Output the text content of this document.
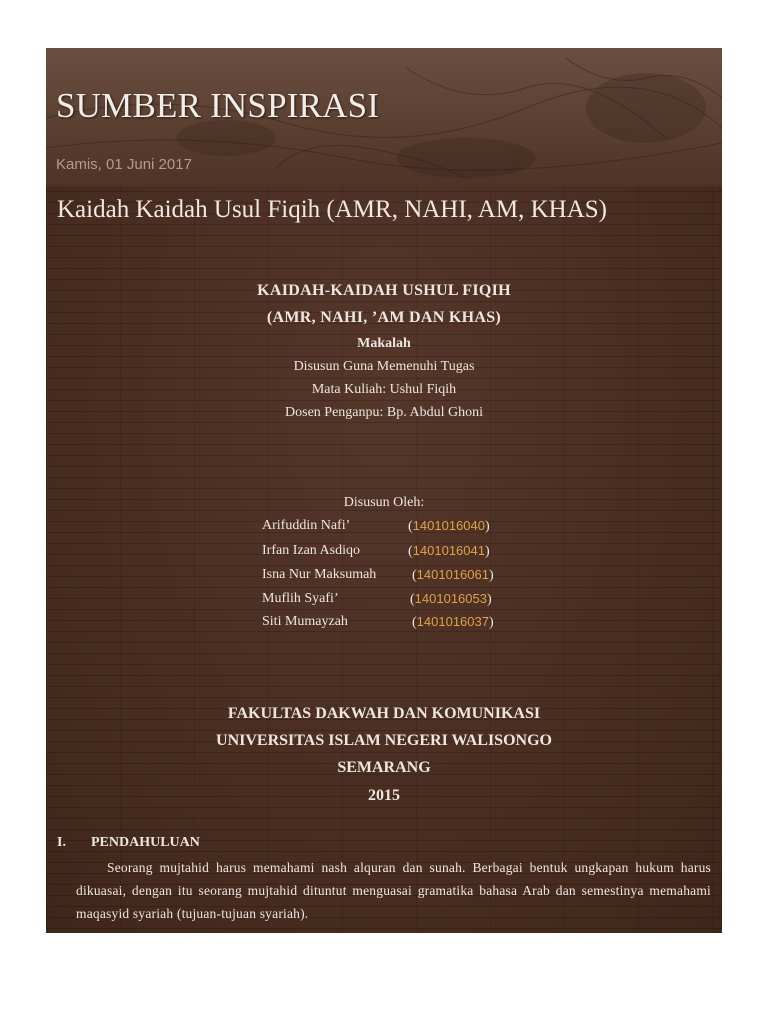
SUMBER INSPIRASI
Kamis, 01 Juni 2017
Kaidah Kaidah Usul Fiqih (AMR, NAHI, AM, KHAS)
KAIDAH-KAIDAH USHUL FIQIH
(AMR, NAHI, ’AM DAN KHAS)
Makalah
Disusun Guna Memenuhi Tugas
Mata Kuliah: Ushul Fiqih
Dosen Penganpu: Bp. Abdul Ghoni
Disusun Oleh:
Arifuddin Nafi’	(1401016040)
Irfan Izan Asdiqo	(1401016041)
Isna Nur Maksumah	(1401016061)
Muflih Syafi’	(1401016053)
Siti Mumayzah	(1401016037)
FAKULTAS DAKWAH DAN KOMUNIKASI
UNIVERSITAS ISLAM NEGERI WALISONGO
SEMARANG
2015
I. PENDAHULUAN

Seorang mujtahid harus memahami nash alquran dan sunah. Berbagai bentuk ungkapan hukum harus dikuasai, dengan itu seorang mujtahid dituntut menguasai gramatika bahasa Arab dan semestinya memahami maqasyid syariah (tujuan-tujuan syariah).
